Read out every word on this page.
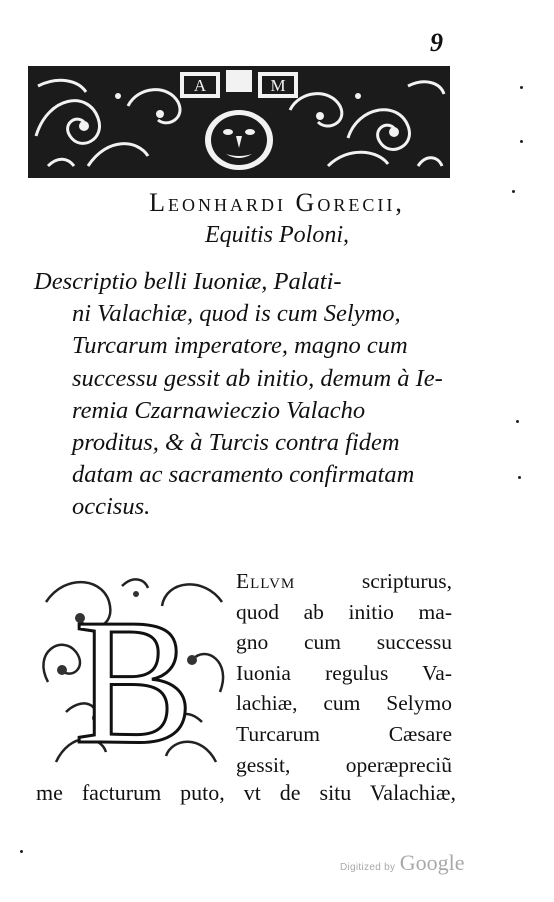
9
A	M
Leonhardi Gorecii,
Equitis Poloni,
Descriptio belli Iuoniæ, Palati-
ni Valachiæ, quod is cum Selymo,
Turcarum imperatore, magno cum
successu gessit ab initio, demum à Ie-
remia Czarnawieczio Valacho
proditus, & à Turcis contra fidem
datam ac sacramento confirmatam
occisus.
B
Ellvm scripturus,
quod ab initio ma-
gno cum successu
Iuonia regulus Va-
lachiæ, cum Selymo
Turcarum Cæsare
gessit, operæpreciũ
me facturum puto, vt de situ Valachiæ,
Digitized by Google
